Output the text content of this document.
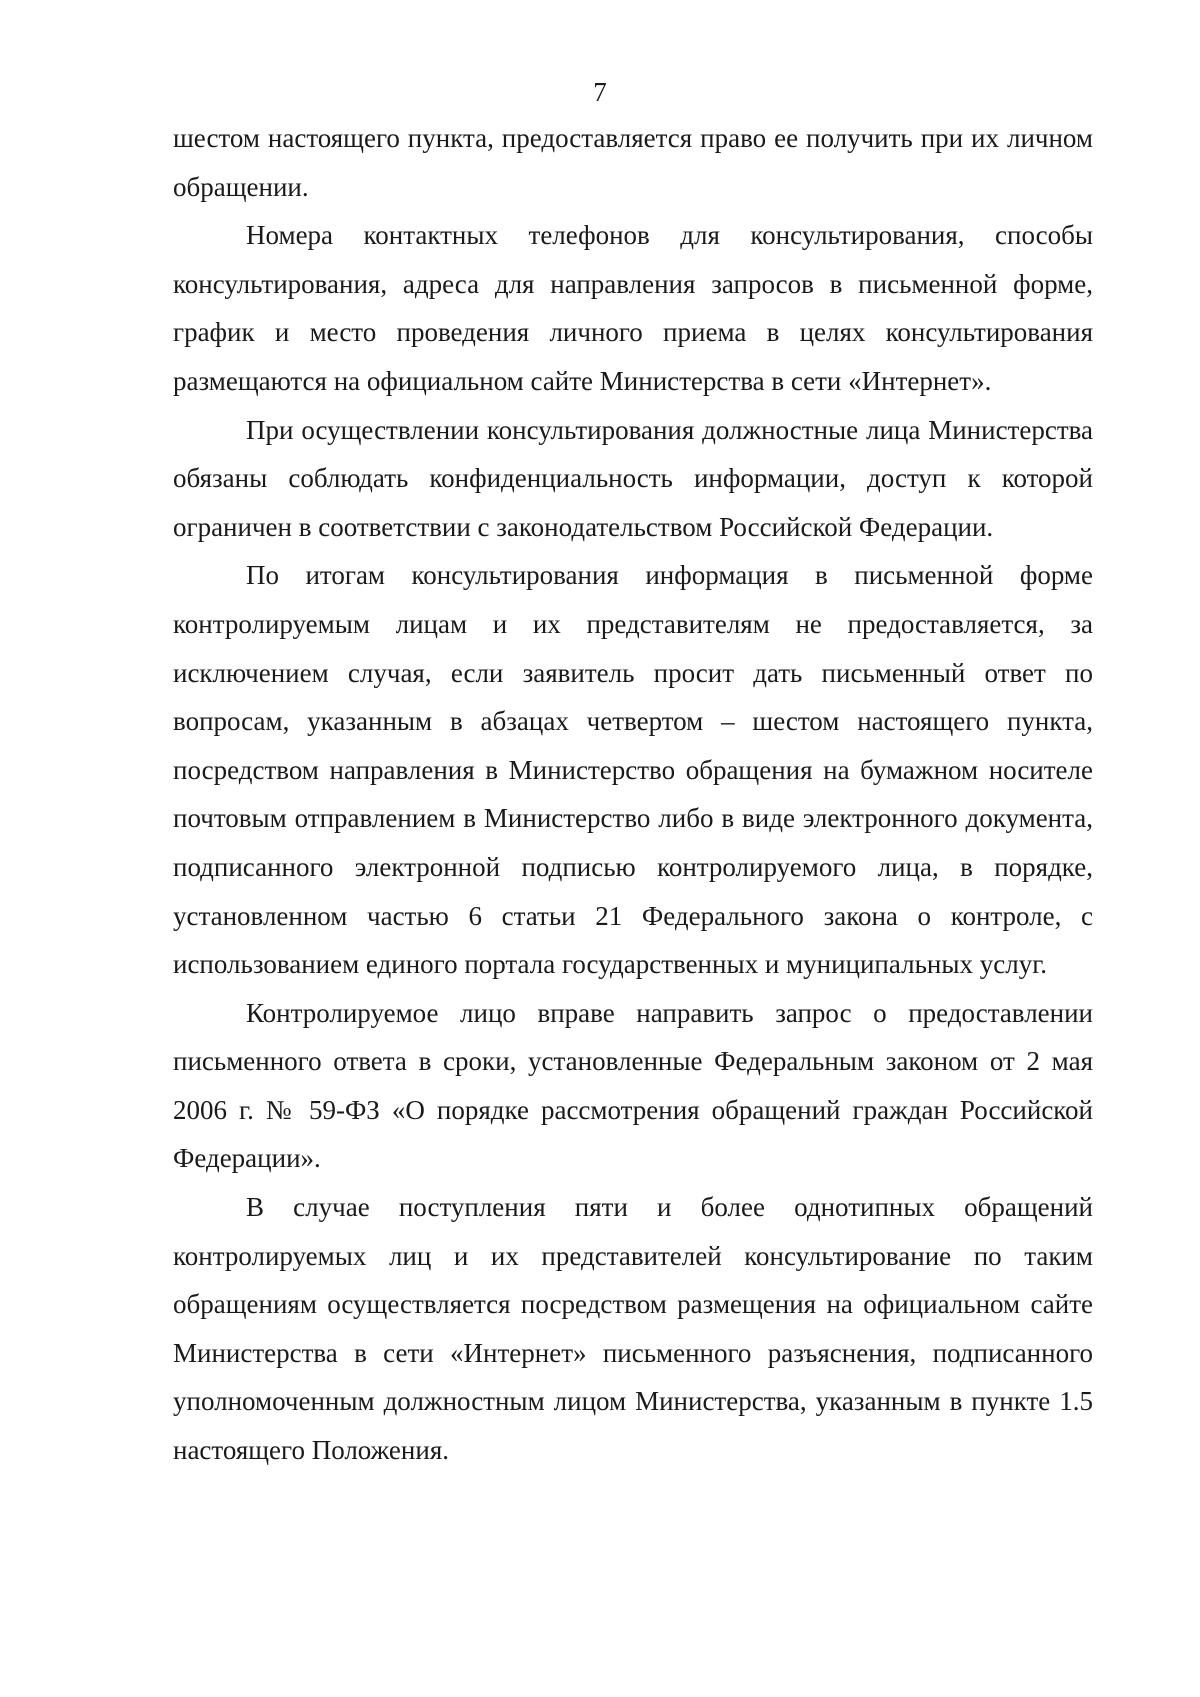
7

шестом настоящего пункта, предоставляется право ее получить при их личном обращении.

Номера контактных телефонов для консультирования, способы консультирования, адреса для направления запросов в письменной форме, график и место проведения личного приема в целях консультирования размещаются на официальном сайте Министерства в сети «Интернет».

При осуществлении консультирования должностные лица Министерства обязаны соблюдать конфиденциальность информации, доступ к которой ограничен в соответствии с законодательством Российской Федерации.

По итогам консультирования информация в письменной форме контролируемым лицам и их представителям не предоставляется, за исключением случая, если заявитель просит дать письменный ответ по вопросам, указанным в абзацах четвертом – шестом настоящего пункта, посредством направления в Министерство обращения на бумажном носителе почтовым отправлением в Министерство либо в виде электронного документа, подписанного электронной подписью контролируемого лица, в порядке, установленном частью 6 статьи 21 Федерального закона о контроле, с использованием единого портала государственных и муниципальных услуг.

Контролируемое лицо вправе направить запрос о предоставлении письменного ответа в сроки, установленные Федеральным законом от 2 мая 2006 г. № 59-ФЗ «О порядке рассмотрения обращений граждан Российской Федерации».

В случае поступления пяти и более однотипных обращений контролируемых лиц и их представителей консультирование по таким обращениям осуществляется посредством размещения на официальном сайте Министерства в сети «Интернет» письменного разъяснения, подписанного уполномоченным должностным лицом Министерства, указанным в пункте 1.5 настоящего Положения.
